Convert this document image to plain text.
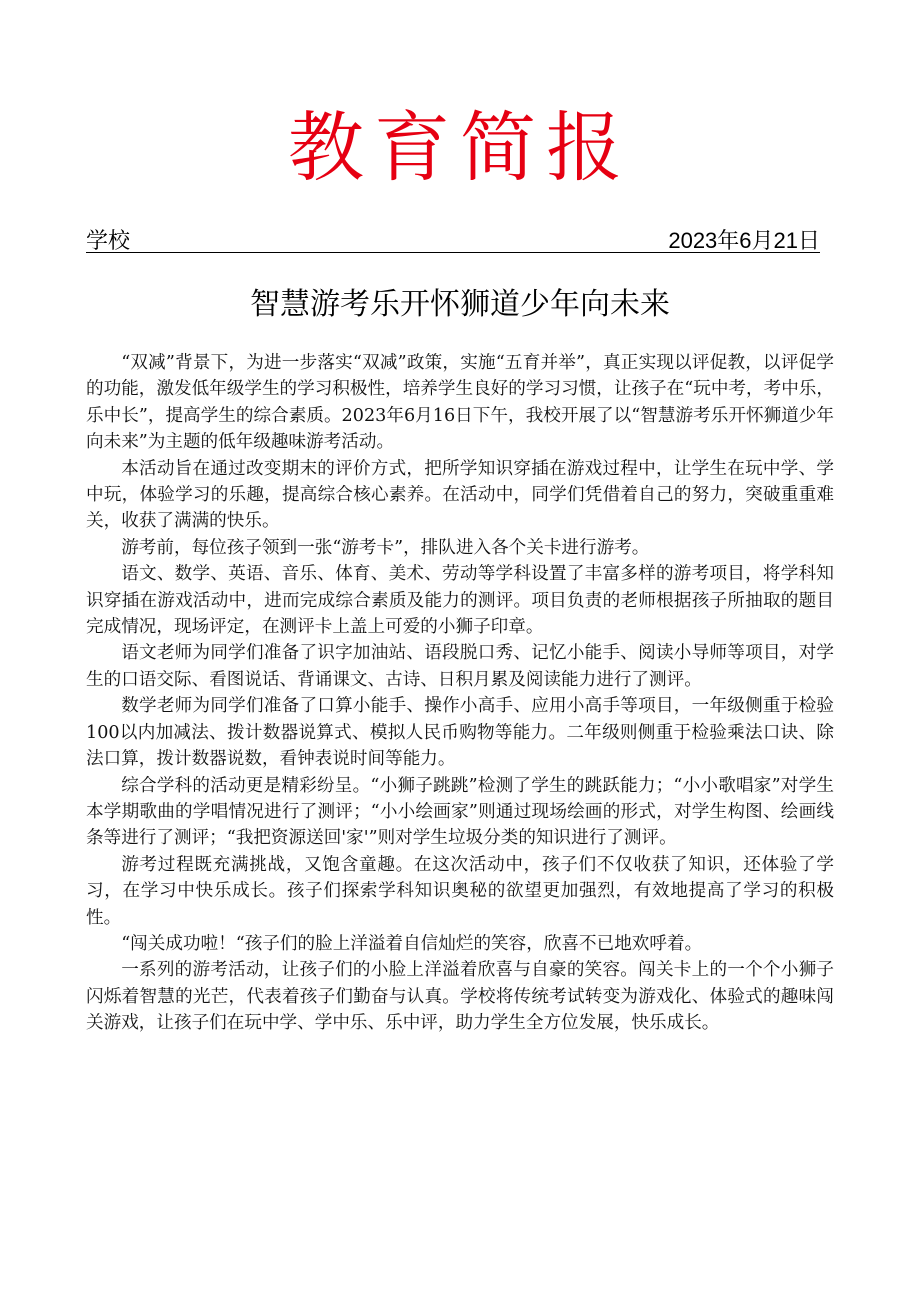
教育简报
学校	2023年6月21日
智慧游考乐开怀狮道少年向未来

“双减”背景下，为进一步落实“双减”政策，实施“五育并举”，真正实现以评促教，以评促学的功能，激发低年级学生的学习积极性，培养学生良好的学习习惯，让孩子在“玩中考，考中乐，乐中长”，提高学生的综合素质。2023年6月16日下午，我校开展了以“智慧游考乐开怀狮道少年向未来”为主题的低年级趣味游考活动。

本活动旨在通过改变期末的评价方式，把所学知识穿插在游戏过程中，让学生在玩中学、学中玩，体验学习的乐趣，提高综合核心素养。在活动中，同学们凭借着自己的努力，突破重重难关，收获了满满的快乐。

游考前，每位孩子领到一张“游考卡”，排队进入各个关卡进行游考。

语文、数学、英语、音乐、体育、美术、劳动等学科设置了丰富多样的游考项目，将学科知识穿插在游戏活动中，进而完成综合素质及能力的测评。项目负责的老师根据孩子所抽取的题目完成情况，现场评定，在测评卡上盖上可爱的小狮子印章。

语文老师为同学们准备了识字加油站、语段脱口秀、记忆小能手、阅读小导师等项目，对学生的口语交际、看图说话、背诵课文、古诗、日积月累及阅读能力进行了测评。

数学老师为同学们准备了口算小能手、操作小高手、应用小高手等项目，一年级侧重于检验100以内加减法、拨计数器说算式、模拟人民币购物等能力。二年级则侧重于检验乘法口诀、除法口算，拨计数器说数，看钟表说时间等能力。

综合学科的活动更是精彩纷呈。“小狮子跳跳”检测了学生的跳跃能力；“小小歌唱家”对学生本学期歌曲的学唱情况进行了测评；“小小绘画家”则通过现场绘画的形式，对学生构图、绘画线条等进行了测评；“我把资源送回'家'”则对学生垃圾分类的知识进行了测评。

游考过程既充满挑战，又饱含童趣。在这次活动中，孩子们不仅收获了知识，还体验了学习，在学习中快乐成长。孩子们探索学科知识奥秘的欲望更加强烈，有效地提高了学习的积极性。

“闯关成功啦！“孩子们的脸上洋溢着自信灿烂的笑容，欣喜不已地欢呼着。

一系列的游考活动，让孩子们的小脸上洋溢着欣喜与自豪的笑容。闯关卡上的一个个小狮子闪烁着智慧的光芒，代表着孩子们勤奋与认真。学校将传统考试转变为游戏化、体验式的趣味闯关游戏，让孩子们在玩中学、学中乐、乐中评，助力学生全方位发展，快乐成长。
